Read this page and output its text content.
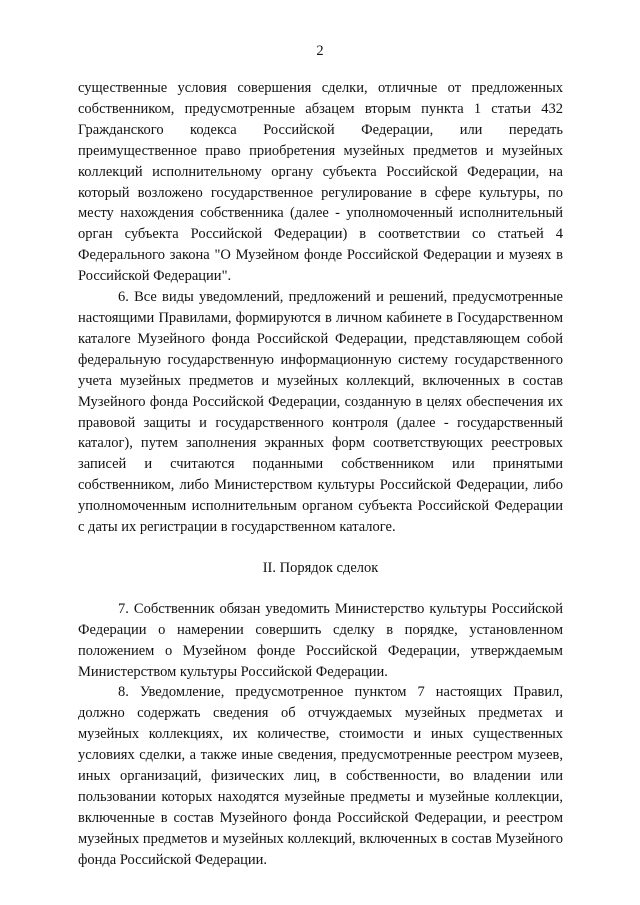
2

существенные условия совершения сделки, отличные от предложенных собственником, предусмотренные абзацем вторым пункта 1 статьи 432 Гражданского кодекса Российской Федерации, или передать преимущественное право приобретения музейных предметов и музейных коллекций исполнительному органу субъекта Российской Федерации, на который возложено государственное регулирование в сфере культуры, по месту нахождения собственника (далее - уполномоченный исполнительный орган субъекта Российской Федерации) в соответствии со статьей 4 Федерального закона "О Музейном фонде Российской Федерации и музеях в Российской Федерации".

6. Все виды уведомлений, предложений и решений, предусмотренные настоящими Правилами, формируются в личном кабинете в Государственном каталоге Музейного фонда Российской Федерации, представляющем собой федеральную государственную информационную систему государственного учета музейных предметов и музейных коллекций, включенных в состав Музейного фонда Российской Федерации, созданную в целях обеспечения их правовой защиты и государственного контроля (далее - государственный каталог), путем заполнения экранных форм соответствующих реестровых записей и считаются поданными собственником или принятыми собственником, либо Министерством культуры Российской Федерации, либо уполномоченным исполнительным органом субъекта Российской Федерации с даты их регистрации в государственном каталоге.

II. Порядок сделок

7. Собственник обязан уведомить Министерство культуры Российской Федерации о намерении совершить сделку в порядке, установленном положением о Музейном фонде Российской Федерации, утверждаемым Министерством культуры Российской Федерации.

8. Уведомление, предусмотренное пунктом 7 настоящих Правил, должно содержать сведения об отчуждаемых музейных предметах и музейных коллекциях, их количестве, стоимости и иных существенных условиях сделки, а также иные сведения, предусмотренные реестром музеев, иных организаций, физических лиц, в собственности, во владении или пользовании которых находятся музейные предметы и музейные коллекции, включенные в состав Музейного фонда Российской Федерации, и реестром музейных предметов и музейных коллекций, включенных в состав Музейного фонда Российской Федерации.
